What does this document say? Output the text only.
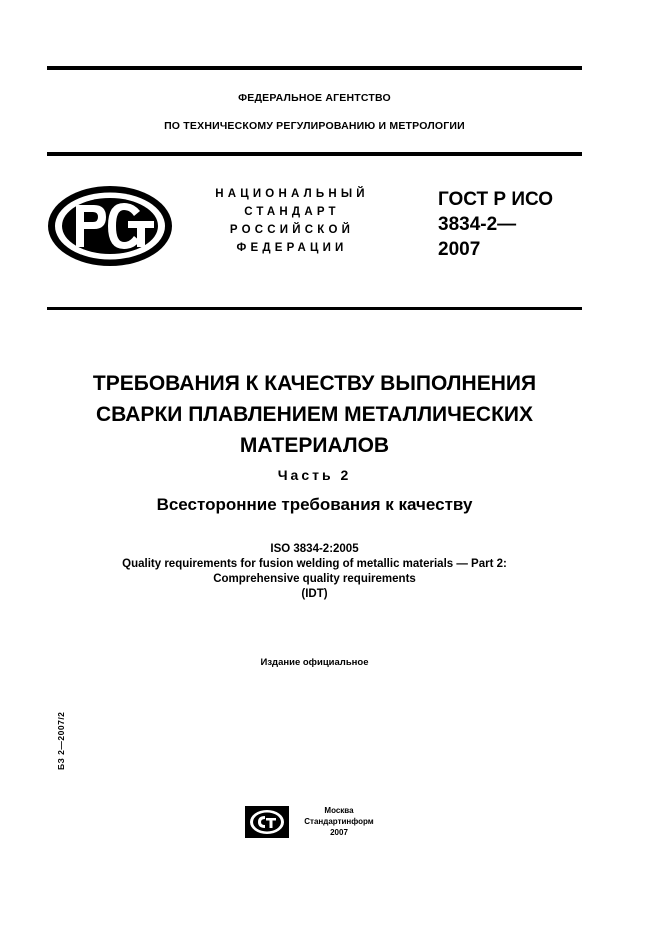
ФЕДЕРАЛЬНОЕ АГЕНТСТВО
ПО ТЕХНИЧЕСКОМУ РЕГУЛИРОВАНИЮ И МЕТРОЛОГИИ
НАЦИОНАЛЬНЫЙ
СТАНДАРТ
РОССИЙСКОЙ
ФЕДЕРАЦИИ
ГОСТ Р ИСО
3834-2—
2007
ТРЕБОВАНИЯ К КАЧЕСТВУ ВЫПОЛНЕНИЯ
СВАРКИ ПЛАВЛЕНИЕМ МЕТАЛЛИЧЕСКИХ
МАТЕРИАЛОВ
Часть 2
Всесторонние требования к качеству
ISO 3834-2:2005
Quality requirements for fusion welding of metallic materials — Part 2:
Comprehensive quality requirements
(IDT)
Издание официальное
БЗ 2—2007/2
Москва
Стандартинформ
2007
